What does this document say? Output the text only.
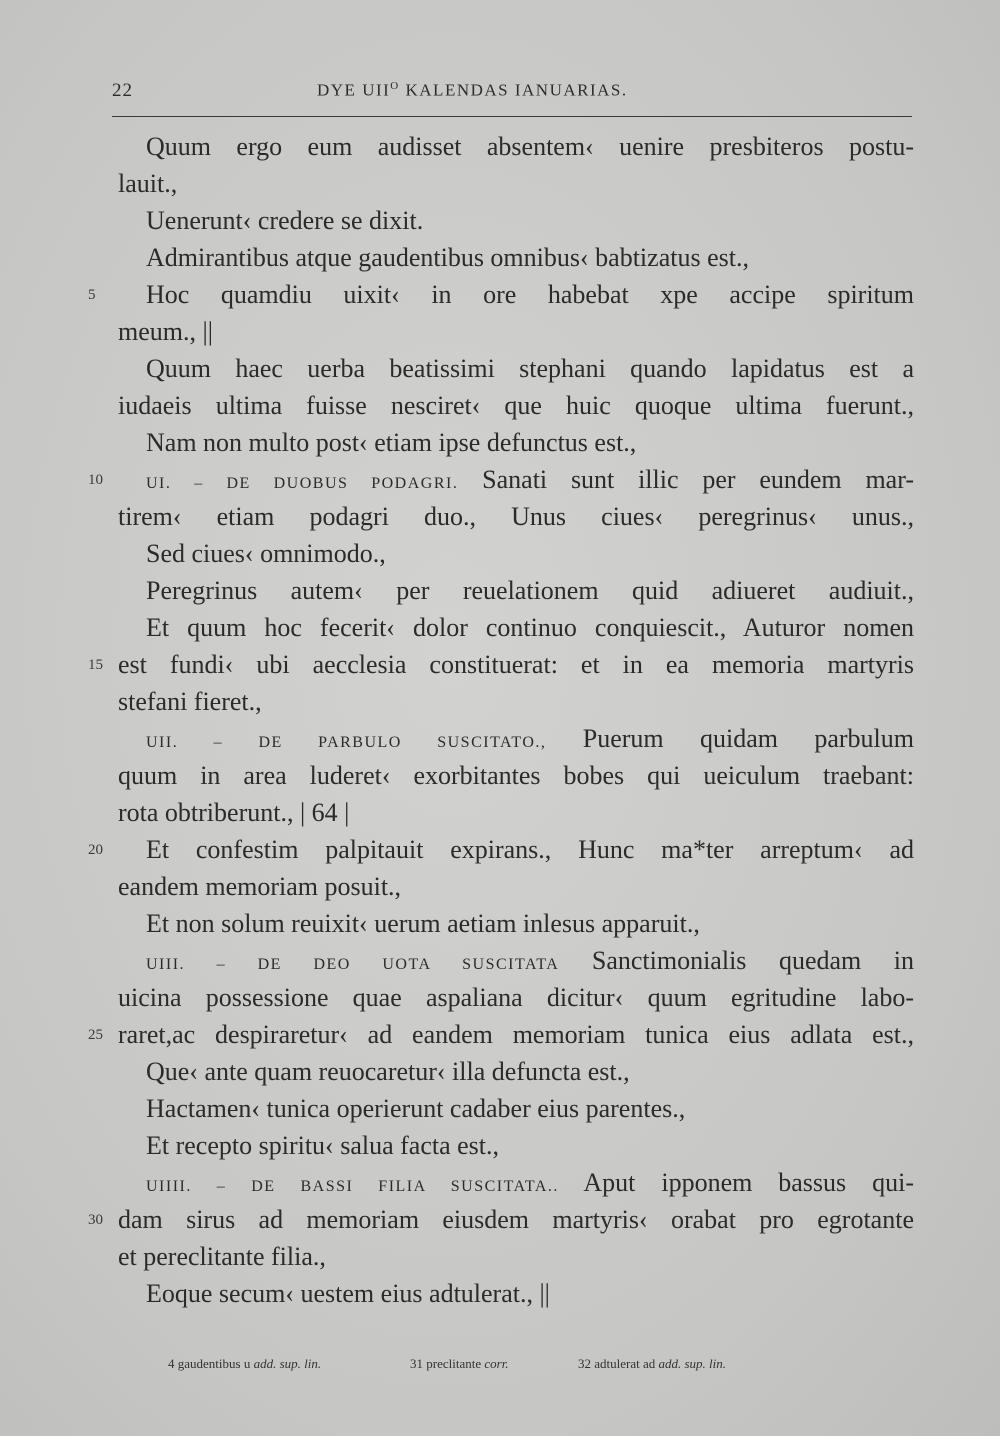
22	DYE $UII^O$ KALENDAS IANUARIAS.
Quum ergo eum audisset absentem‹ uenire presbiteros postu-
lauit.,
Uenerunt‹ credere se dixit.
Admirantibus atque gaudentibus omnibus‹ babtizatus est.,
5	Hoc quamdiu uixit‹ in ore habebat xpe accipe spiritum
meum., ||
Quum haec uerba beatissimi stephani quando lapidatus est a
iudaeis ultima fuisse nesciret‹ que huic quoque ultima fuerunt.,
Nam non multo post‹ etiam ipse defunctus est.,
10	UI. – DE DUOBUS PODAGRI. Sanati sunt illic per eundem mar-
tirem‹ etiam podagri duo., Unus ciues‹ peregrinus‹ unus.,
Sed ciues‹ omnimodo.,
Peregrinus autem‹ per reuelationem quid adiueret audiuit.,
Et quum hoc fecerit‹ dolor continuo conquiescit., Auturor nomen
15 est fundi‹ ubi aecclesia constituerat: et in ea memoria martyris
stefani fieret.,
UII. – DE PARBULO SUSCITATO., Puerum quidam parbulum
quum in area luderet‹ exorbitantes bobes qui ueiculum traebant:
rota obtriberunt., | 64 |
20	Et confestim palpitauit expirans., Hunc ma*ter arreptum‹ ad
eandem memoriam posuit.,
Et non solum reuixit‹ uerum aetiam inlesus apparuit.,
UIII. – DE DEO UOTA SUSCITATA Sanctimonialis quedam in
uicina possessione quae aspaliana dicitur‹ quum egritudine labo-
25 raret,ac despiraretur‹ ad eandem memoriam tunica eius adlata est.,
Que‹ ante quam reuocaretur‹ illa defuncta est.,
Hactamen‹ tunica operierunt cadaber eius parentes.,
Et recepto spiritu‹ salua facta est.,
UIIII. – DE BASSI FILIA SUSCITATA.. Aput ipponem bassus qui-
30 dam sirus ad memoriam eiusdem martyris‹ orabat pro egrotante
et pereclitante filia.,
Eoque secum‹ uestem eius adtulerat., ||
4 gaudentibus u add. sup. lin.	31 preclitante corr.	32 adtulerat ad add. sup. lin.
